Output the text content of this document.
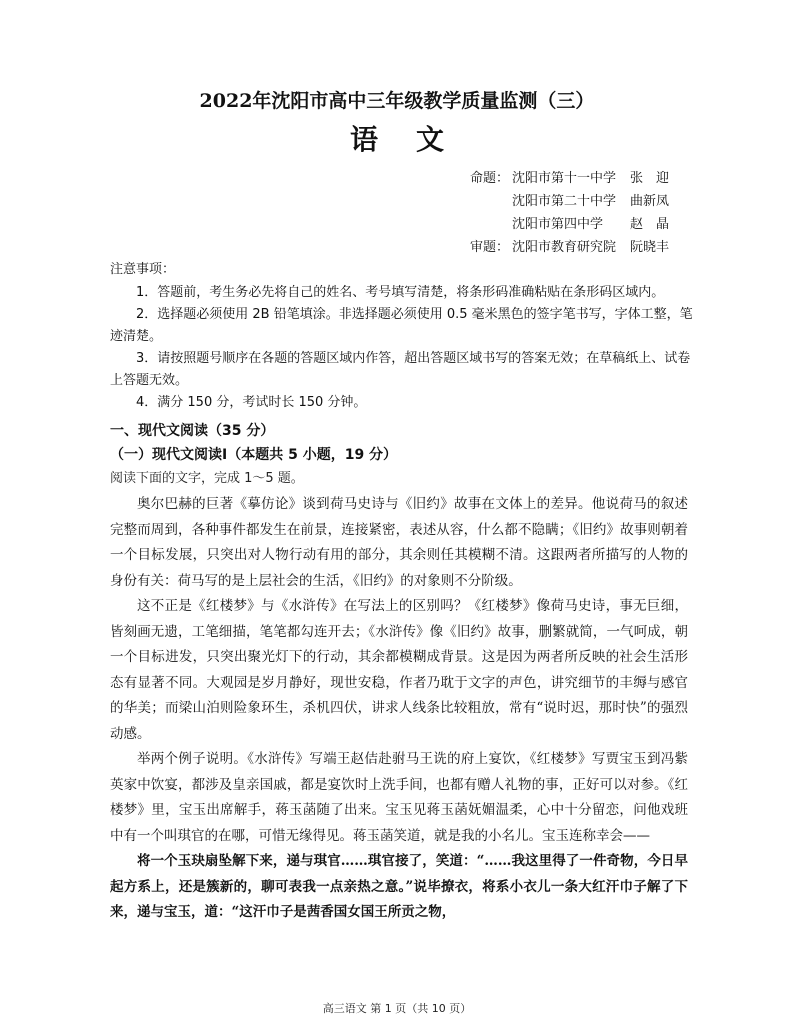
2022年沈阳市高中三年级教学质量监测（三）
语文
命题： 沈阳市第十一中学 张　迎
沈阳市第二十中学 曲新凤
沈阳市第四中学 赵　晶
审题： 沈阳市教育研究院 阮晓丰
注意事项：

1．答题前，考生务必先将自己的姓名、考号填写清楚，将条形码准确粘贴在条形码区域内。

2．选择题必须使用 2B 铅笔填涂。非选择题必须使用 0.5 毫米黑色的签字笔书写，字体工整，笔迹清楚。

3．请按照题号顺序在各题的答题区域内作答，超出答题区域书写的答案无效；在草稿纸上、试卷上答题无效。

4．满分 150 分，考试时长 150 分钟。

一、现代文阅读（35 分）
（一）现代文阅读Ⅰ（本题共 5 小题，19 分）
阅读下面的文字，完成 1～5 题。

奥尔巴赫的巨著《摹仿论》谈到荷马史诗与《旧约》故事在文体上的差异。他说荷马的叙述完整而周到，各种事件都发生在前景，连接紧密，表述从容，什么都不隐瞒；《旧约》故事则朝着一个目标发展，只突出对人物行动有用的部分，其余则任其模糊不清。这跟两者所描写的人物的身份有关：荷马写的是上层社会的生活，《旧约》的对象则不分阶级。

这不正是《红楼梦》与《水浒传》在写法上的区别吗？《红楼梦》像荷马史诗，事无巨细，皆刻画无遗，工笔细描，笔笔都勾连开去；《水浒传》像《旧约》故事，删繁就简，一气呵成，朝一个目标进发，只突出聚光灯下的行动，其余都模糊成背景。这是因为两者所反映的社会生活形态有显著不同。大观园是岁月静好，现世安稳，作者乃耽于文字的声色，讲究细节的丰缛与感官的华美；而梁山泊则险象环生，杀机四伏，讲求人线条比较粗放，常有“说时迟，那时快”的强烈动感。

举两个例子说明。《水浒传》写端王赵佶赴驸马王诜的府上宴饮，《红楼梦》写贾宝玉到冯紫英家中饮宴，都涉及皇亲国戚，都是宴饮时上洗手间，也都有赠人礼物的事，正好可以对参。《红楼梦》里，宝玉出席解手，蒋玉菡随了出来。宝玉见蒋玉菡妩媚温柔，心中十分留恋，问他戏班中有一个叫琪官的在哪，可惜无缘得见。蒋玉菡笑道，就是我的小名儿。宝玉连称幸会——

将一个玉玦扇坠解下来，递与琪官……琪官接了，笑道：“……我这里得了一件奇物，今日早起方系上，还是簇新的，聊可表我一点亲热之意。”说毕撩衣，将系小衣儿一条大红汗巾子解了下来，递与宝玉，道：“这汗巾子是茜香国女国王所贡之物，

高三语文 第 1 页（共 10 页）
